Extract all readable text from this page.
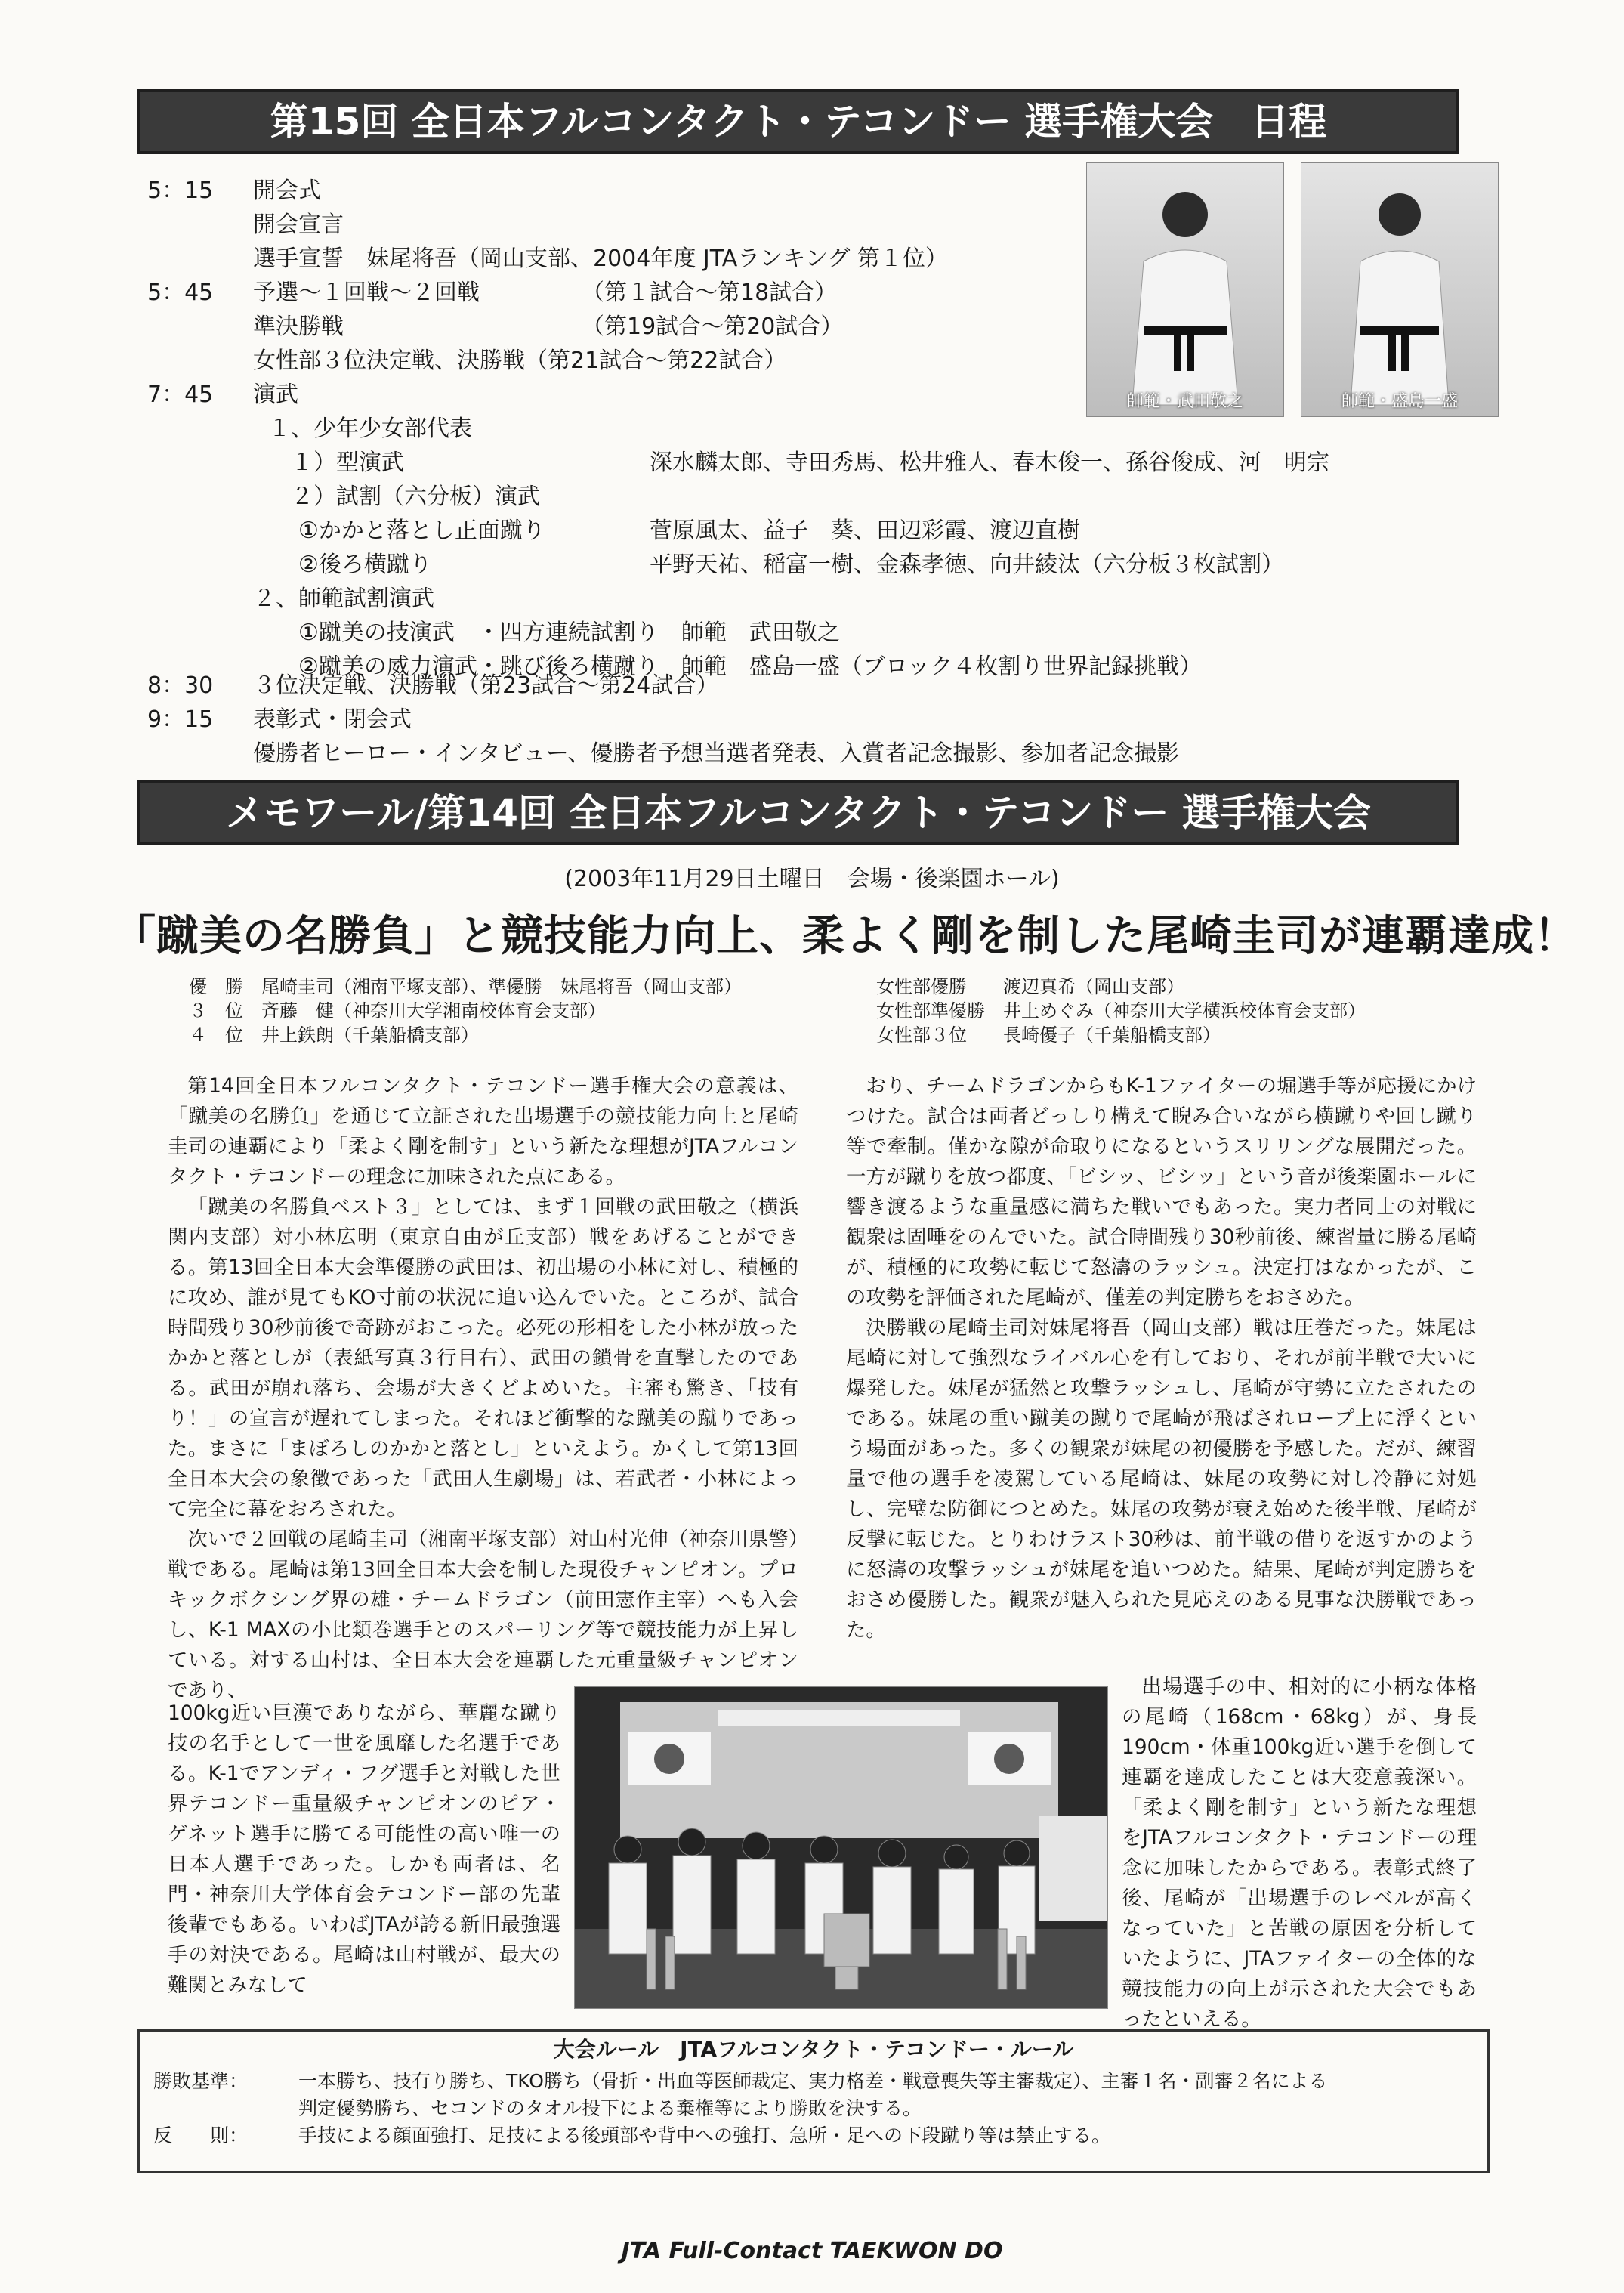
第15回 全日本フルコンタクト・テコンドー 選手権大会　日程
5：15 開会式
開会宣言
選手宣誓　妹尾将吾（岡山支部、2004年度 JTAランキング 第１位）
5：45 予選～１回戦～２回戦	（第１試合～第18試合）
準決勝戦	（第19試合～第20試合）
女性部３位決定戦、決勝戦（第21試合～第22試合）
7：45 演武
１、少年少女部代表
１）型演武	深水麟太郎、寺田秀馬、松井雅人、春木俊一、孫谷俊成、河　明宗
２）試割（六分板）演武
①かかと落とし正面蹴り	菅原風太、益子　葵、田辺彩霞、渡辺直樹
②後ろ横蹴り	平野天祐、稲富一樹、金森孝徳、向井綾汰（六分板３枚試割）
２、師範試割演武
①蹴美の技演武　・四方連続試割り　師範　武田敬之
②蹴美の威力演武・跳び後ろ横蹴り　師範　盛島一盛（ブロック４枚割り世界記録挑戦）
8：30 ３位決定戦、決勝戦（第23試合～第24試合）
9：15 表彰式・閉会式
優勝者ヒーロー・インタビュー、優勝者予想当選者発表、入賞者記念撮影、参加者記念撮影
師範・武田敬之	師範・盛島一盛
メモワール/第14回 全日本フルコンタクト・テコンドー 選手権大会
(2003年11月29日土曜日　会場・後楽園ホール)
「蹴美の名勝負」と競技能力向上、柔よく剛を制した尾崎圭司が連覇達成！
優　勝　尾崎圭司（湘南平塚支部）、準優勝　妹尾将吾（岡山支部）
３　位　斉藤　健（神奈川大学湘南校体育会支部）
４　位　井上鉄朗（千葉船橋支部）
女性部優勝　　渡辺真希（岡山支部）
女性部準優勝　井上めぐみ（神奈川大学横浜校体育会支部）
女性部３位　　長崎優子（千葉船橋支部）

第14回全日本フルコンタクト・テコンドー選手権大会の意義は、「蹴美の名勝負」を通じて立証された出場選手の競技能力向上と尾崎圭司の連覇により「柔よく剛を制す」という新たな理想がJTAフルコンタクト・テコンドーの理念に加味された点にある。

「蹴美の名勝負ベスト３」としては、まず１回戦の武田敬之（横浜関内支部）対小林広明（東京自由が丘支部）戦をあげることができる。第13回全日本大会準優勝の武田は、初出場の小林に対し、積極的に攻め、誰が見てもKO寸前の状況に追い込んでいた。ところが、試合時間残り30秒前後で奇跡がおこった。必死の形相をした小林が放ったかかと落としが（表紙写真３行目右）、武田の鎖骨を直撃したのである。武田が崩れ落ち、会場が大きくどよめいた。主審も驚き、「技有り！」の宣言が遅れてしまった。それほど衝撃的な蹴美の蹴りであった。まさに「まぼろしのかかと落とし」といえよう。かくして第13回全日本大会の象徴であった「武田人生劇場」は、若武者・小林によって完全に幕をおろされた。

次いで２回戦の尾崎圭司（湘南平塚支部）対山村光伸（神奈川県警）戦である。尾崎は第13回全日本大会を制した現役チャンピオン。プロキックボクシング界の雄・チームドラゴン（前田憲作主宰）へも入会し、K-1 MAXの小比類巻選手とのスパーリング等で競技能力が上昇している。対する山村は、全日本大会を連覇した元重量級チャンピオンであり、

100kg近い巨漢でありながら、華麗な蹴り技の名手として一世を風靡した名選手である。K-1でアンディ・フグ選手と対戦した世界テコンドー重量級チャンピオンのピア・ゲネット選手に勝てる可能性の高い唯一の日本人選手であった。しかも両者は、名門・神奈川大学体育会テコンドー部の先輩後輩でもある。いわばJTAが誇る新旧最強選手の対決である。尾崎は山村戦が、最大の難関とみなして

おり、チームドラゴンからもK-1ファイターの堀選手等が応援にかけつけた。試合は両者どっしり構えて睨み合いながら横蹴りや回し蹴り等で牽制。僅かな隙が命取りになるというスリリングな展開だった。一方が蹴りを放つ都度、「ビシッ、ビシッ」という音が後楽園ホールに響き渡るような重量感に満ちた戦いでもあった。実力者同士の対戦に観衆は固唾をのんでいた。試合時間残り30秒前後、練習量に勝る尾崎が、積極的に攻勢に転じて怒濤のラッシュ。決定打はなかったが、この攻勢を評価された尾崎が、僅差の判定勝ちをおさめた。

決勝戦の尾崎圭司対妹尾将吾（岡山支部）戦は圧巻だった。妹尾は尾崎に対して強烈なライバル心を有しており、それが前半戦で大いに爆発した。妹尾が猛然と攻撃ラッシュし、尾崎が守勢に立たされたのである。妹尾の重い蹴美の蹴りで尾崎が飛ばされロープ上に浮くという場面があった。多くの観衆が妹尾の初優勝を予感した。だが、練習量で他の選手を凌駕している尾崎は、妹尾の攻勢に対し冷静に対処し、完璧な防御につとめた。妹尾の攻勢が衰え始めた後半戦、尾崎が反撃に転じた。とりわけラスト30秒は、前半戦の借りを返すかのように怒濤の攻撃ラッシュが妹尾を追いつめた。結果、尾崎が判定勝ちをおさめ優勝した。観衆が魅入られた見応えのある見事な決勝戦であった。

出場選手の中、相対的に小柄な体格の尾崎（168cm・68kg）が、身長190cm・体重100kg近い選手を倒して連覇を達成したことは大変意義深い。「柔よく剛を制す」という新たな理想をJTAフルコンタクト・テコンドーの理念に加味したからである。表彰式終了後、尾崎が「出場選手のレベルが高くなっていた」と苦戦の原因を分析していたように、JTAファイターの全体的な競技能力の向上が示された大会でもあったといえる。

大会ルール　JTAフルコンタクト・テコンドー・ルール
勝敗基準：	一本勝ち、技有り勝ち、TKO勝ち（骨折・出血等医師裁定、実力格差・戦意喪失等主審裁定）、主審１名・副審２名による
判定優勢勝ち、セコンドのタオル投下による棄権等により勝敗を決する。
反　　則：	手技による顔面強打、足技による後頭部や背中への強打、急所・足への下段蹴り等は禁止する。
JTA Full-Contact TAEKWON DO
